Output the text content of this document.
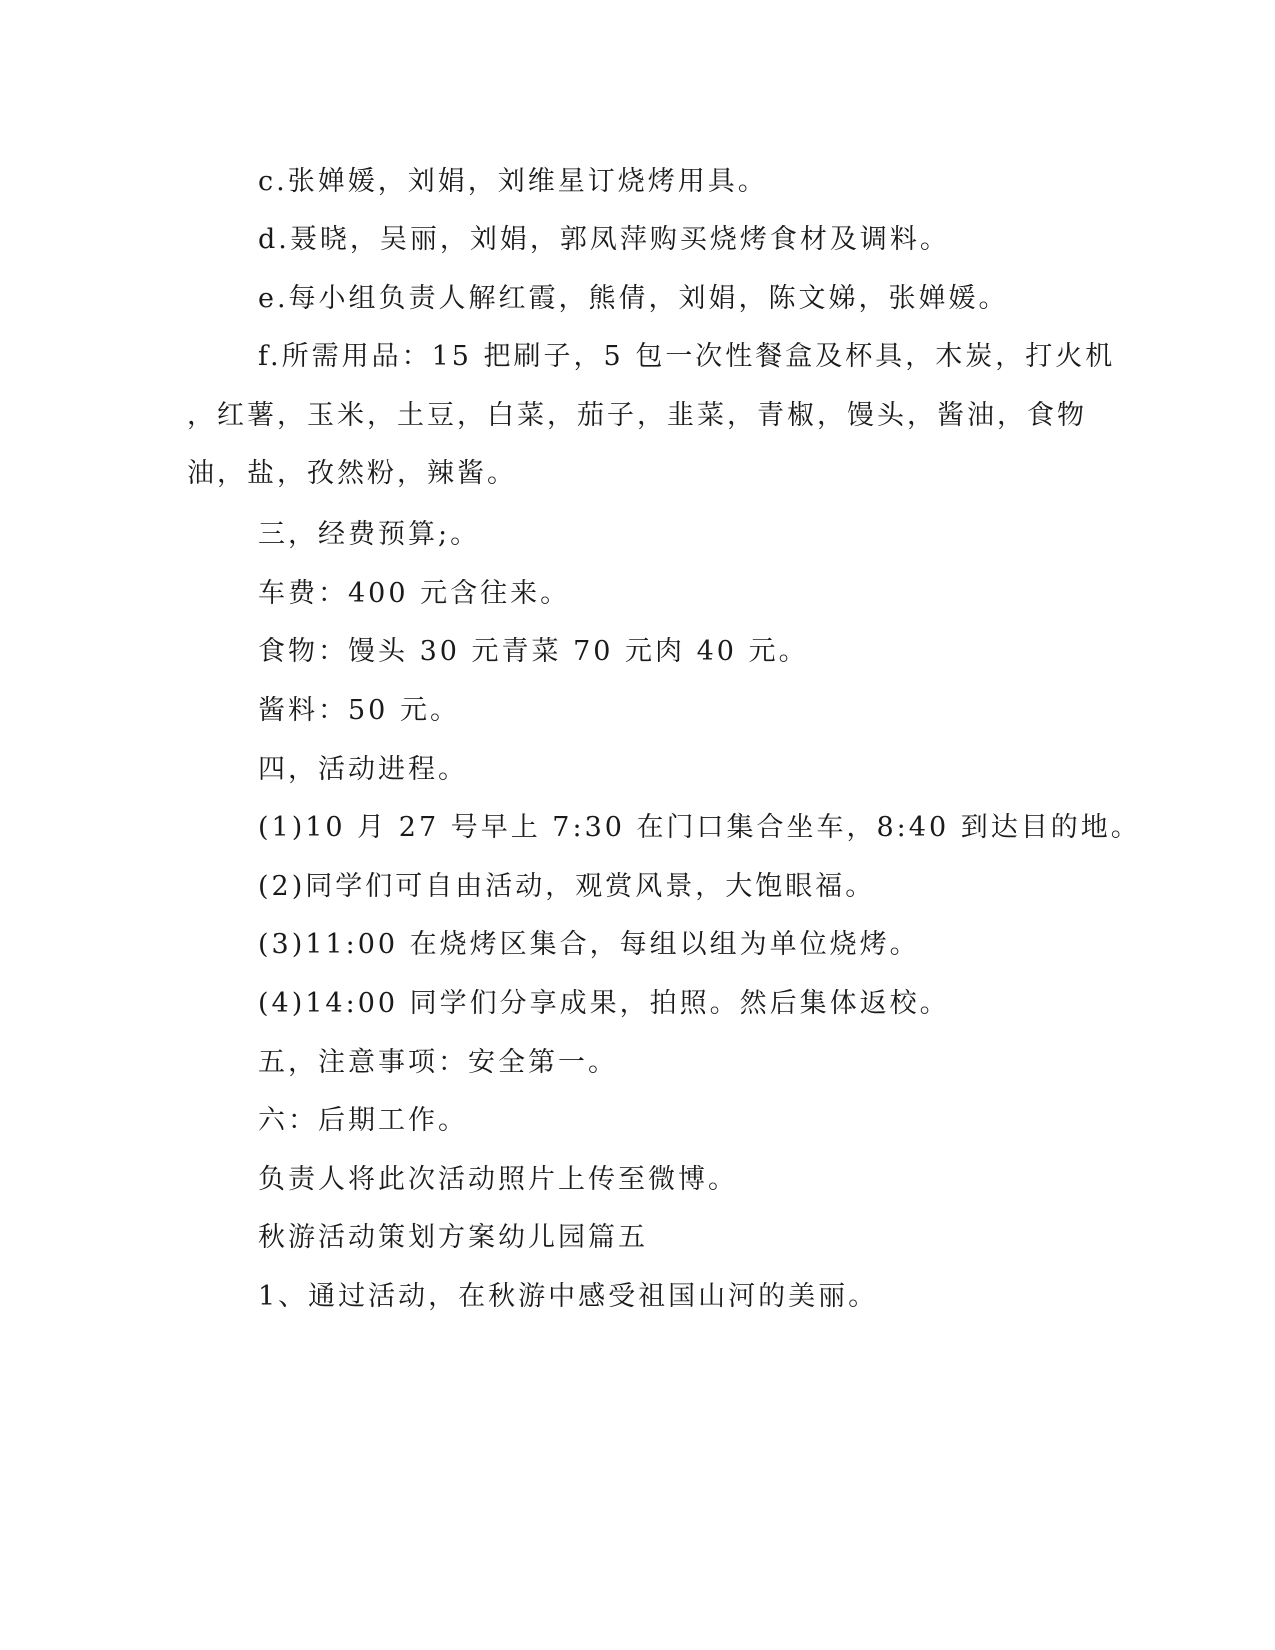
c.张婵媛，刘娟，刘维星订烧烤用具。
d.聂晓，吴丽，刘娟，郭凤萍购买烧烤食材及调料。
e.每小组负责人解红霞，熊倩，刘娟，陈文娣，张婵媛。
f.所需用品：15 把刷子，5 包一次性餐盒及杯具，木炭，打火机
，红薯，玉米，土豆，白菜，茄子，韭菜，青椒，馒头，酱油，食物
油，盐，孜然粉，辣酱。
三，经费预算;。
车费：400 元含往来。
食物：馒头 30 元青菜 70 元肉 40 元。
酱料：50 元。
四，活动进程。
(1)10 月 27 号早上 7:30 在门口集合坐车，8:40 到达目的地。
(2)同学们可自由活动，观赏风景，大饱眼福。
(3)11:00 在烧烤区集合，每组以组为单位烧烤。
(4)14:00 同学们分享成果，拍照。然后集体返校。
五，注意事项：安全第一。
六：后期工作。
负责人将此次活动照片上传至微博。
秋游活动策划方案幼儿园篇五
1、通过活动，在秋游中感受祖国山河的美丽。
